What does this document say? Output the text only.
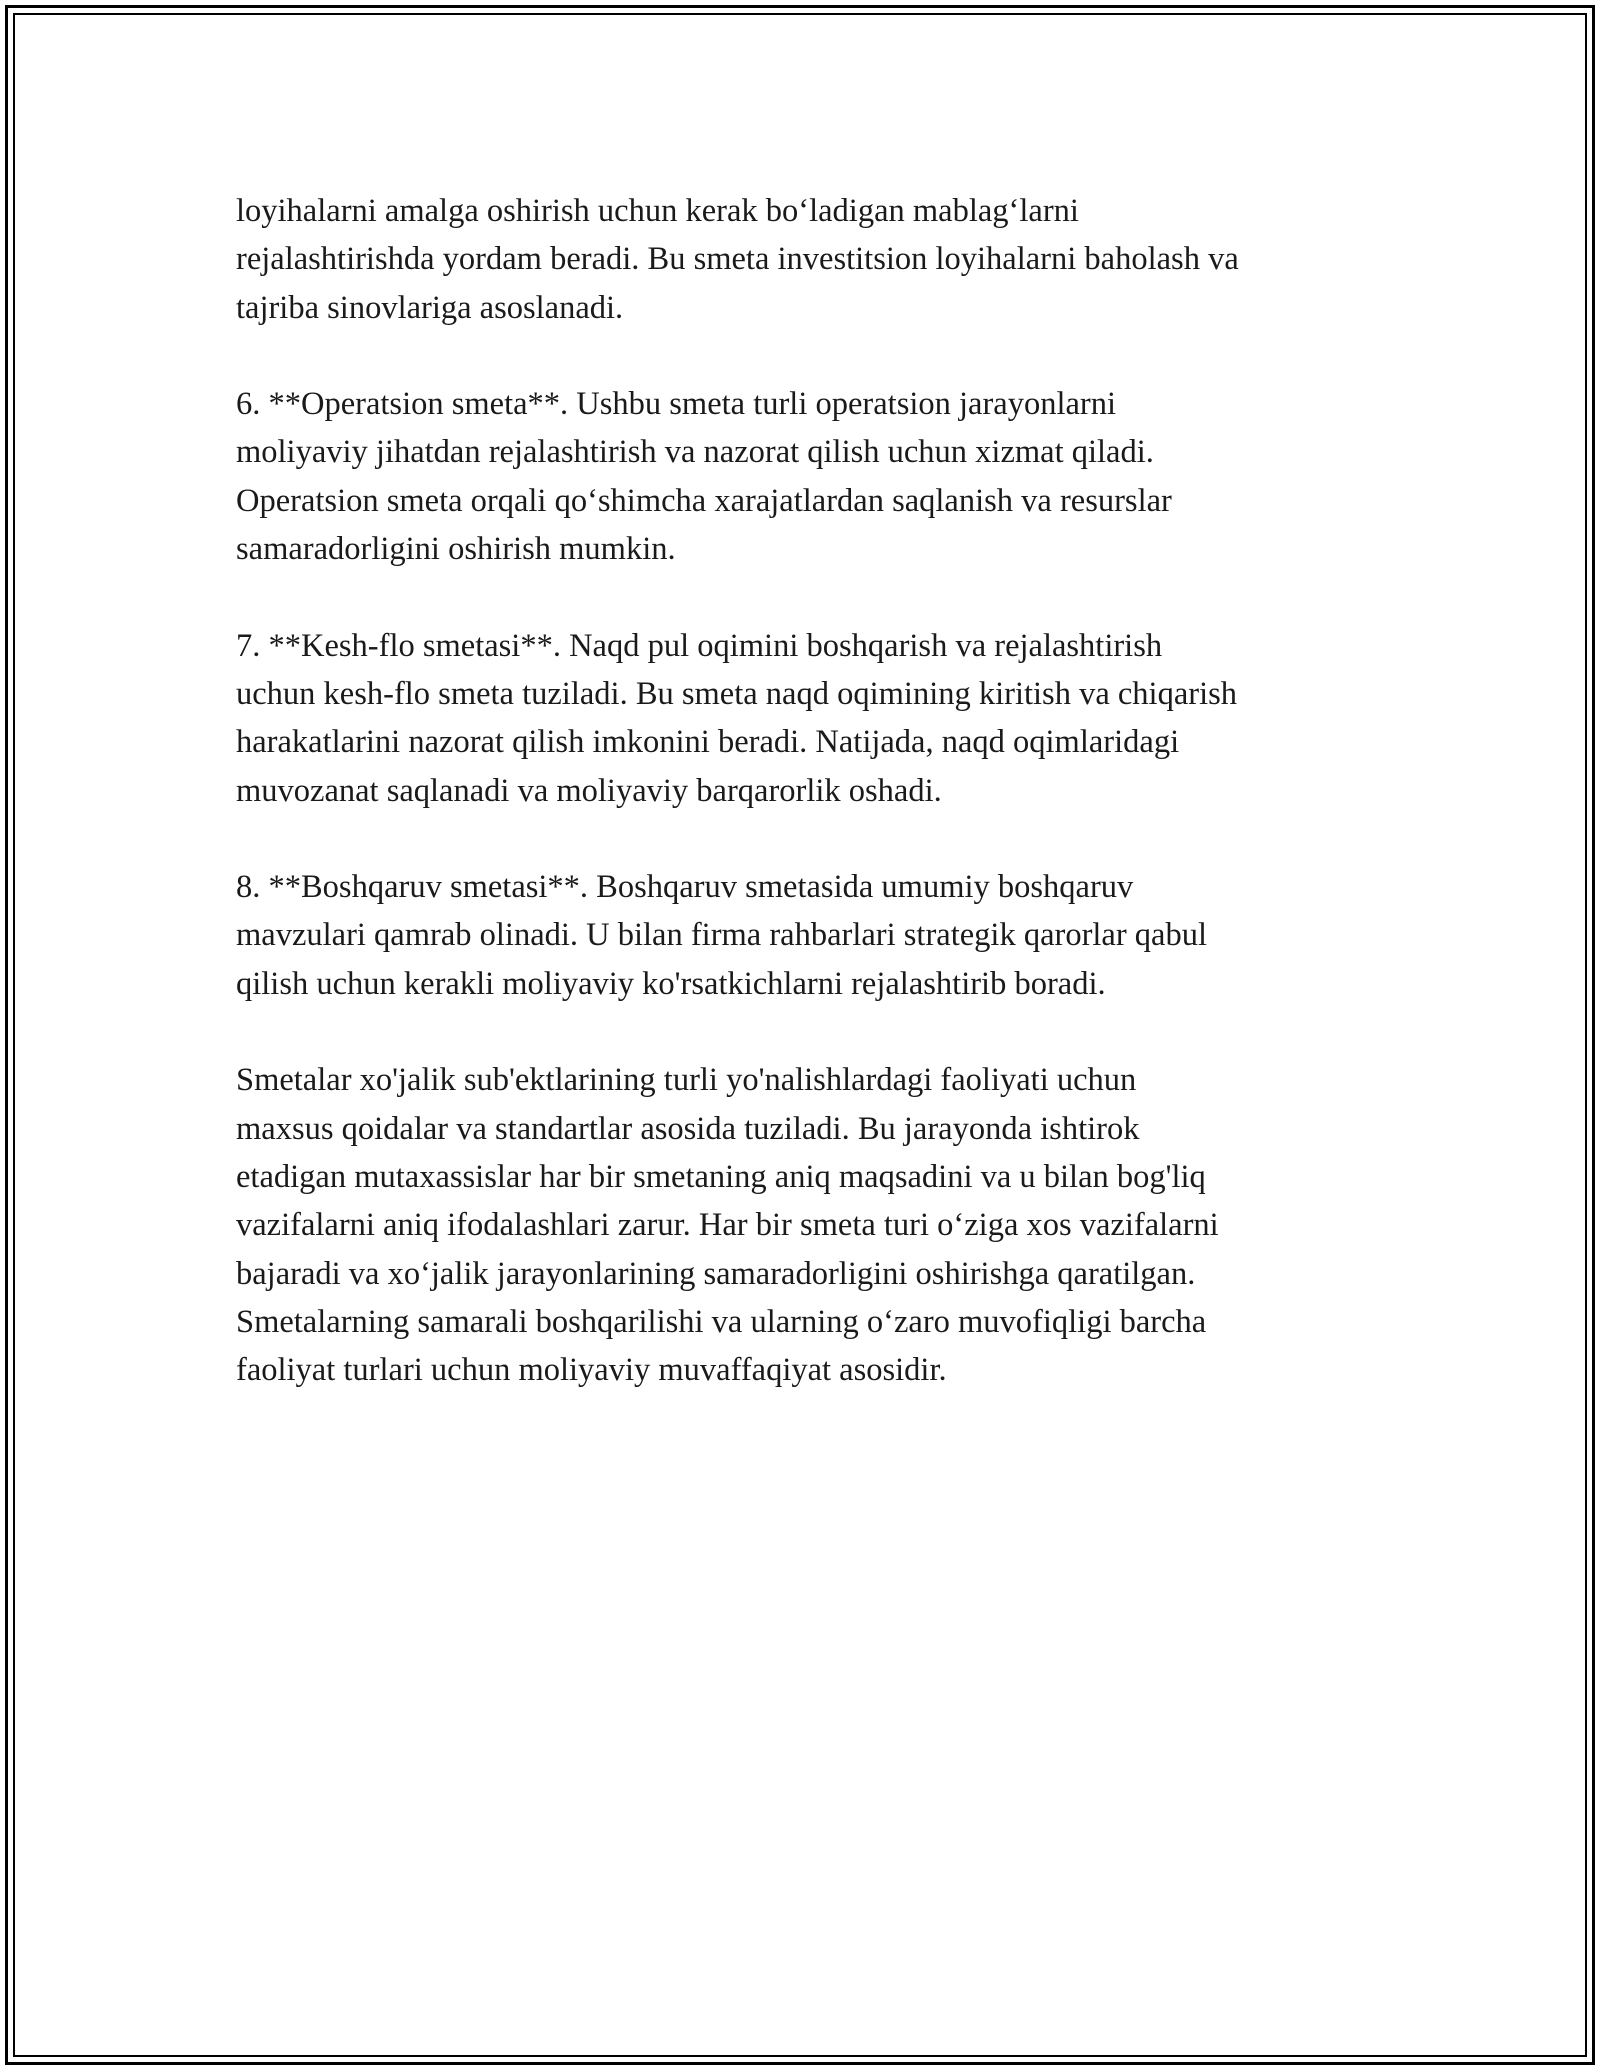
loyihalarni amalga oshirish uchun kerak bo‘ladigan mablag‘larni
rejalashtirishda yordam beradi. Bu smeta investitsion loyihalarni baholash va
tajriba sinovlariga asoslanadi.

6. **Operatsion smeta**. Ushbu smeta turli operatsion jarayonlarni
moliyaviy jihatdan rejalashtirish va nazorat qilish uchun xizmat qiladi.
Operatsion smeta orqali qo‘shimcha xarajatlardan saqlanish va resurslar
samaradorligini oshirish mumkin.

7. **Kesh-flo smetasi**. Naqd pul oqimini boshqarish va rejalashtirish
uchun kesh-flo smeta tuziladi. Bu smeta naqd oqimining kiritish va chiqarish
harakatlarini nazorat qilish imkonini beradi. Natijada, naqd oqimlaridagi
muvozanat saqlanadi va moliyaviy barqarorlik oshadi.

8. **Boshqaruv smetasi**. Boshqaruv smetasida umumiy boshqaruv
mavzulari qamrab olinadi. U bilan firma rahbarlari strategik qarorlar qabul
qilish uchun kerakli moliyaviy ko'rsatkichlarni rejalashtirib boradi.

Smetalar xo'jalik sub'ektlarining turli yo'nalishlardagi faoliyati uchun
maxsus qoidalar va standartlar asosida tuziladi. Bu jarayonda ishtirok
etadigan mutaxassislar har bir smetaning aniq maqsadini va u bilan bog'liq
vazifalarni aniq ifodalashlari zarur. Har bir smeta turi o‘ziga xos vazifalarni
bajaradi va xo‘jalik jarayonlarining samaradorligini oshirishga qaratilgan.
Smetalarning samarali boshqarilishi va ularning o‘zaro muvofiqligi barcha
faoliyat turlari uchun moliyaviy muvaffaqiyat asosidir.
